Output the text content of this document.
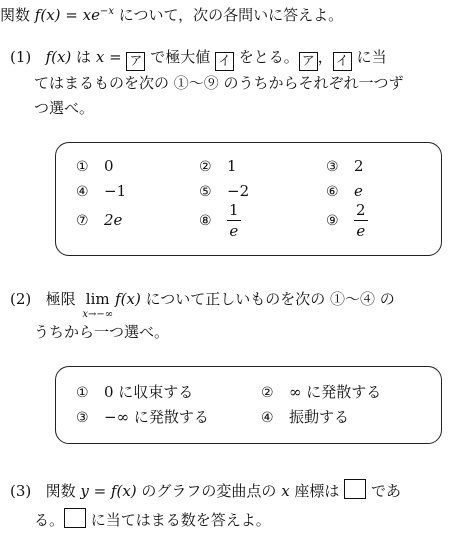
関数 $f(x) = xe^{-x}$ について，次の各問いに答えよ。
(1) f(x) は x = ア で極大値 イ をとる。 ア ， イ に当
てはまるものを次の ①〜⑨ のうちからそれぞれ一つず
つ選べ。
① 0	② 1	③ 2
④ −1	⑤ −2	⑥ e
⑦ 2e	⑧ $\frac{1}{e}$	⑨ $\frac{2}{e}$
(2) 極限 lim
x→−∞
f(x) について正しいものを次の ①〜④ の
うちから一つ選べ。
① 0 に収束する	② ∞ に発散する
③ −∞ に発散する	④ 振動する
(3) 関数 y = f(x) のグラフの変曲点の x 座標は  であ
る。 に当てはまる数を答えよ。
